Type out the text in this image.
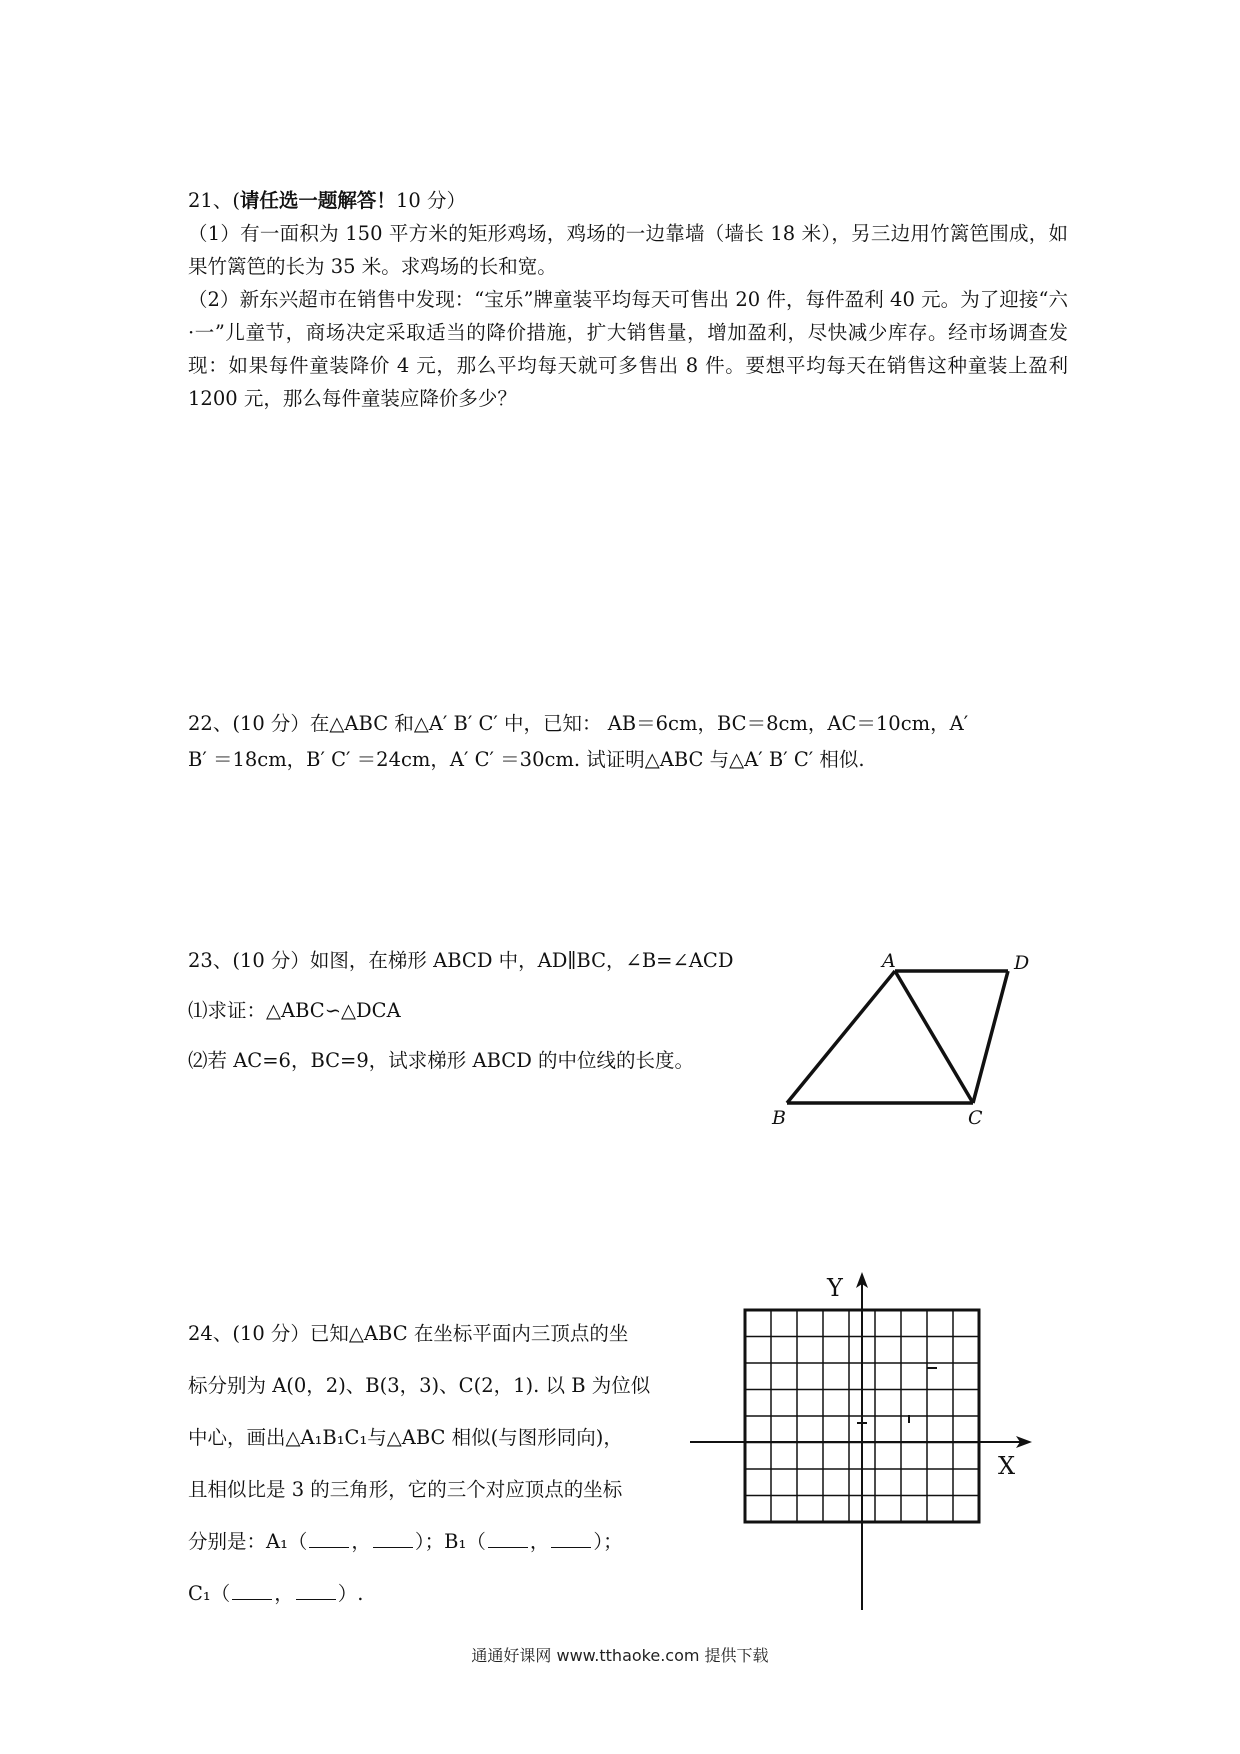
21、(请任选一题解答！10 分）

（1）有一面积为 150 平方米的矩形鸡场，鸡场的一边靠墙（墙长 18 米），另三边用竹篱笆围成，如果竹篱笆的长为 35 米。求鸡场的长和宽。

（2）新东兴超市在销售中发现：“宝乐”牌童装平均每天可售出 20 件，每件盈利 40 元。为了迎接“六·一”儿童节，商场决定采取适当的降价措施，扩大销售量，增加盈利，尽快减少库存。经市场调查发现：如果每件童装降价 4 元，那么平均每天就可多售出 8 件。要想平均每天在销售这种童装上盈利 1200 元，那么每件童装应降价多少？

22、(10 分）在△ABC 和△A′ B′ C′ 中，已知： AB＝6cm，BC＝8cm，AC＝10cm，A′

B′ ＝18cm，B′ C′ ＝24cm，A′ C′ ＝30cm. 试证明△ABC 与△A′ B′ C′ 相似.

23、(10 分）如图，在梯形 ABCD 中，AD∥BC，∠B=∠ACD

⑴求证：△ABC∽△DCA

⑵若 AC=6，BC=9，试求梯形 ABCD 的中位线的长度。

A	D
B	C

24、(10 分）已知△ABC 在坐标平面内三顶点的坐

标分别为 A(0，2)、B(3，3)、C(2，1). 以 B 为位似

中心，画出△A₁B₁C₁与△ABC 相似(与图形同向)，

且相似比是 3 的三角形，它的三个对应顶点的坐标

分别是：A₁（ ， ）；B₁（ ， ）；

C₁（ ， ）.

Y
X
通通好课网 www.tthaoke.com 提供下载
